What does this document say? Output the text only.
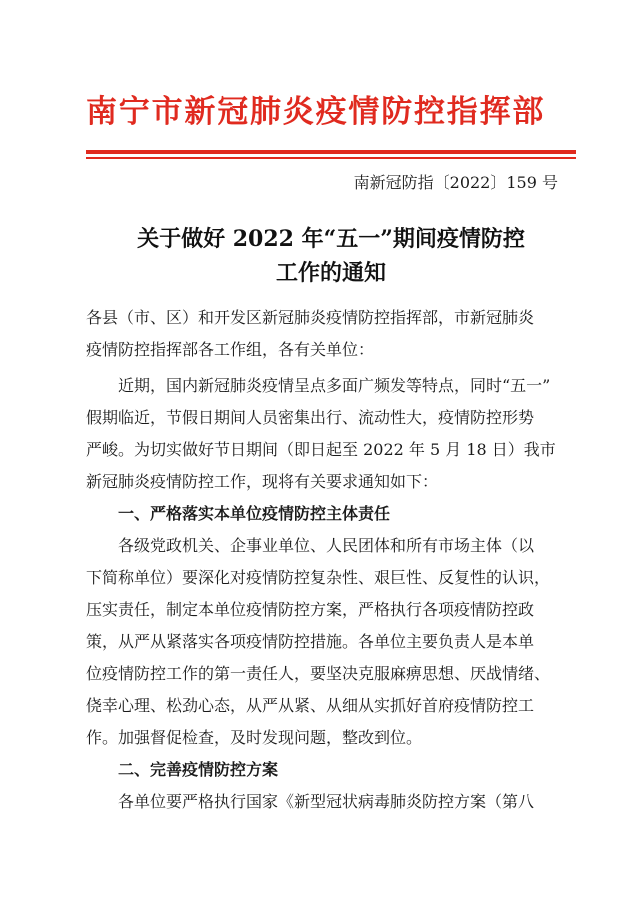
南宁市新冠肺炎疫情防控指挥部
南新冠防指〔2022〕159 号
关于做好 2022 年“五一”期间疫情防控
工作的通知
各县（市、区）和开发区新冠肺炎疫情防控指挥部，市新冠肺炎
疫情防控指挥部各工作组，各有关单位：
近期，国内新冠肺炎疫情呈点多面广频发等特点，同时“五一”
假期临近，节假日期间人员密集出行、流动性大，疫情防控形势
严峻。为切实做好节日期间（即日起至 2022 年 5 月 18 日）我市
新冠肺炎疫情防控工作，现将有关要求通知如下：
一、严格落实本单位疫情防控主体责任
各级党政机关、企事业单位、人民团体和所有市场主体（以
下简称单位）要深化对疫情防控复杂性、艰巨性、反复性的认识，
压实责任，制定本单位疫情防控方案，严格执行各项疫情防控政
策，从严从紧落实各项疫情防控措施。各单位主要负责人是本单
位疫情防控工作的第一责任人，要坚决克服麻痹思想、厌战情绪、
侥幸心理、松劲心态，从严从紧、从细从实抓好首府疫情防控工
作。加强督促检查，及时发现问题，整改到位。
二、完善疫情防控方案
各单位要严格执行国家《新型冠状病毒肺炎防控方案（第八
